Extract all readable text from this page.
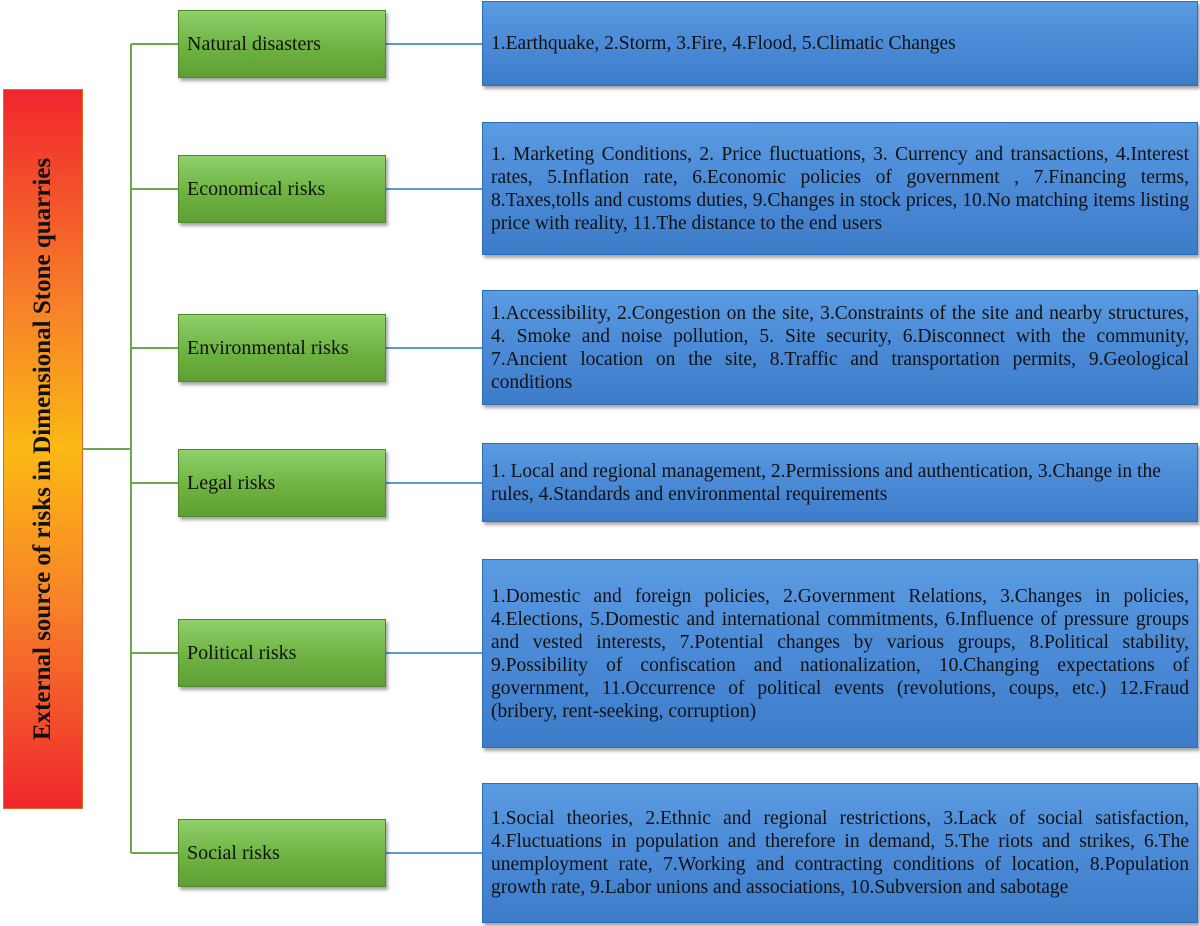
External source of risks in Dimensional Stone quarries
Natural disasters
Economical risks
Environmental risks
Legal risks
Political risks
Social risks
1.Earthquake, 2.Storm, 3.Fire, 4.Flood, 5.Climatic Changes
1. Marketing Conditions, 2. Price fluctuations, 3. Currency and transactions, 4.Interest rates, 5.Inflation rate, 6.Economic policies of government , 7.Financing terms, 8.Taxes,tolls and customs duties, 9.Changes in stock prices, 10.No matching items listing price with reality, 11.The distance to the end users
1.Accessibility, 2.Congestion on the site, 3.Constraints of the site and nearby structures, 4. Smoke and noise pollution, 5. Site security, 6.Disconnect with the community, 7.Ancient location on the site, 8.Traffic and transportation permits, 9.Geological conditions
1. Local and regional management, 2.Permissions and authentication, 3.Change in the rules, 4.Standards and environmental requirements
1.Domestic and foreign policies, 2.Government Relations, 3.Changes in policies, 4.Elections, 5.Domestic and international commitments, 6.Influence of pressure groups and vested interests, 7.Potential changes by various groups, 8.Political stability, 9.Possibility of confiscation and nationalization, 10.Changing expectations of government, 11.Occurrence of political events (revolutions, coups, etc.) 12.Fraud (bribery, rent-seeking, corruption)
1.Social theories, 2.Ethnic and regional restrictions, 3.Lack of social satisfaction, 4.Fluctuations in population and therefore in demand, 5.The riots and strikes, 6.The unemployment rate, 7.Working and contracting conditions of location, 8.Population growth rate, 9.Labor unions and associations, 10.Subversion and sabotage
